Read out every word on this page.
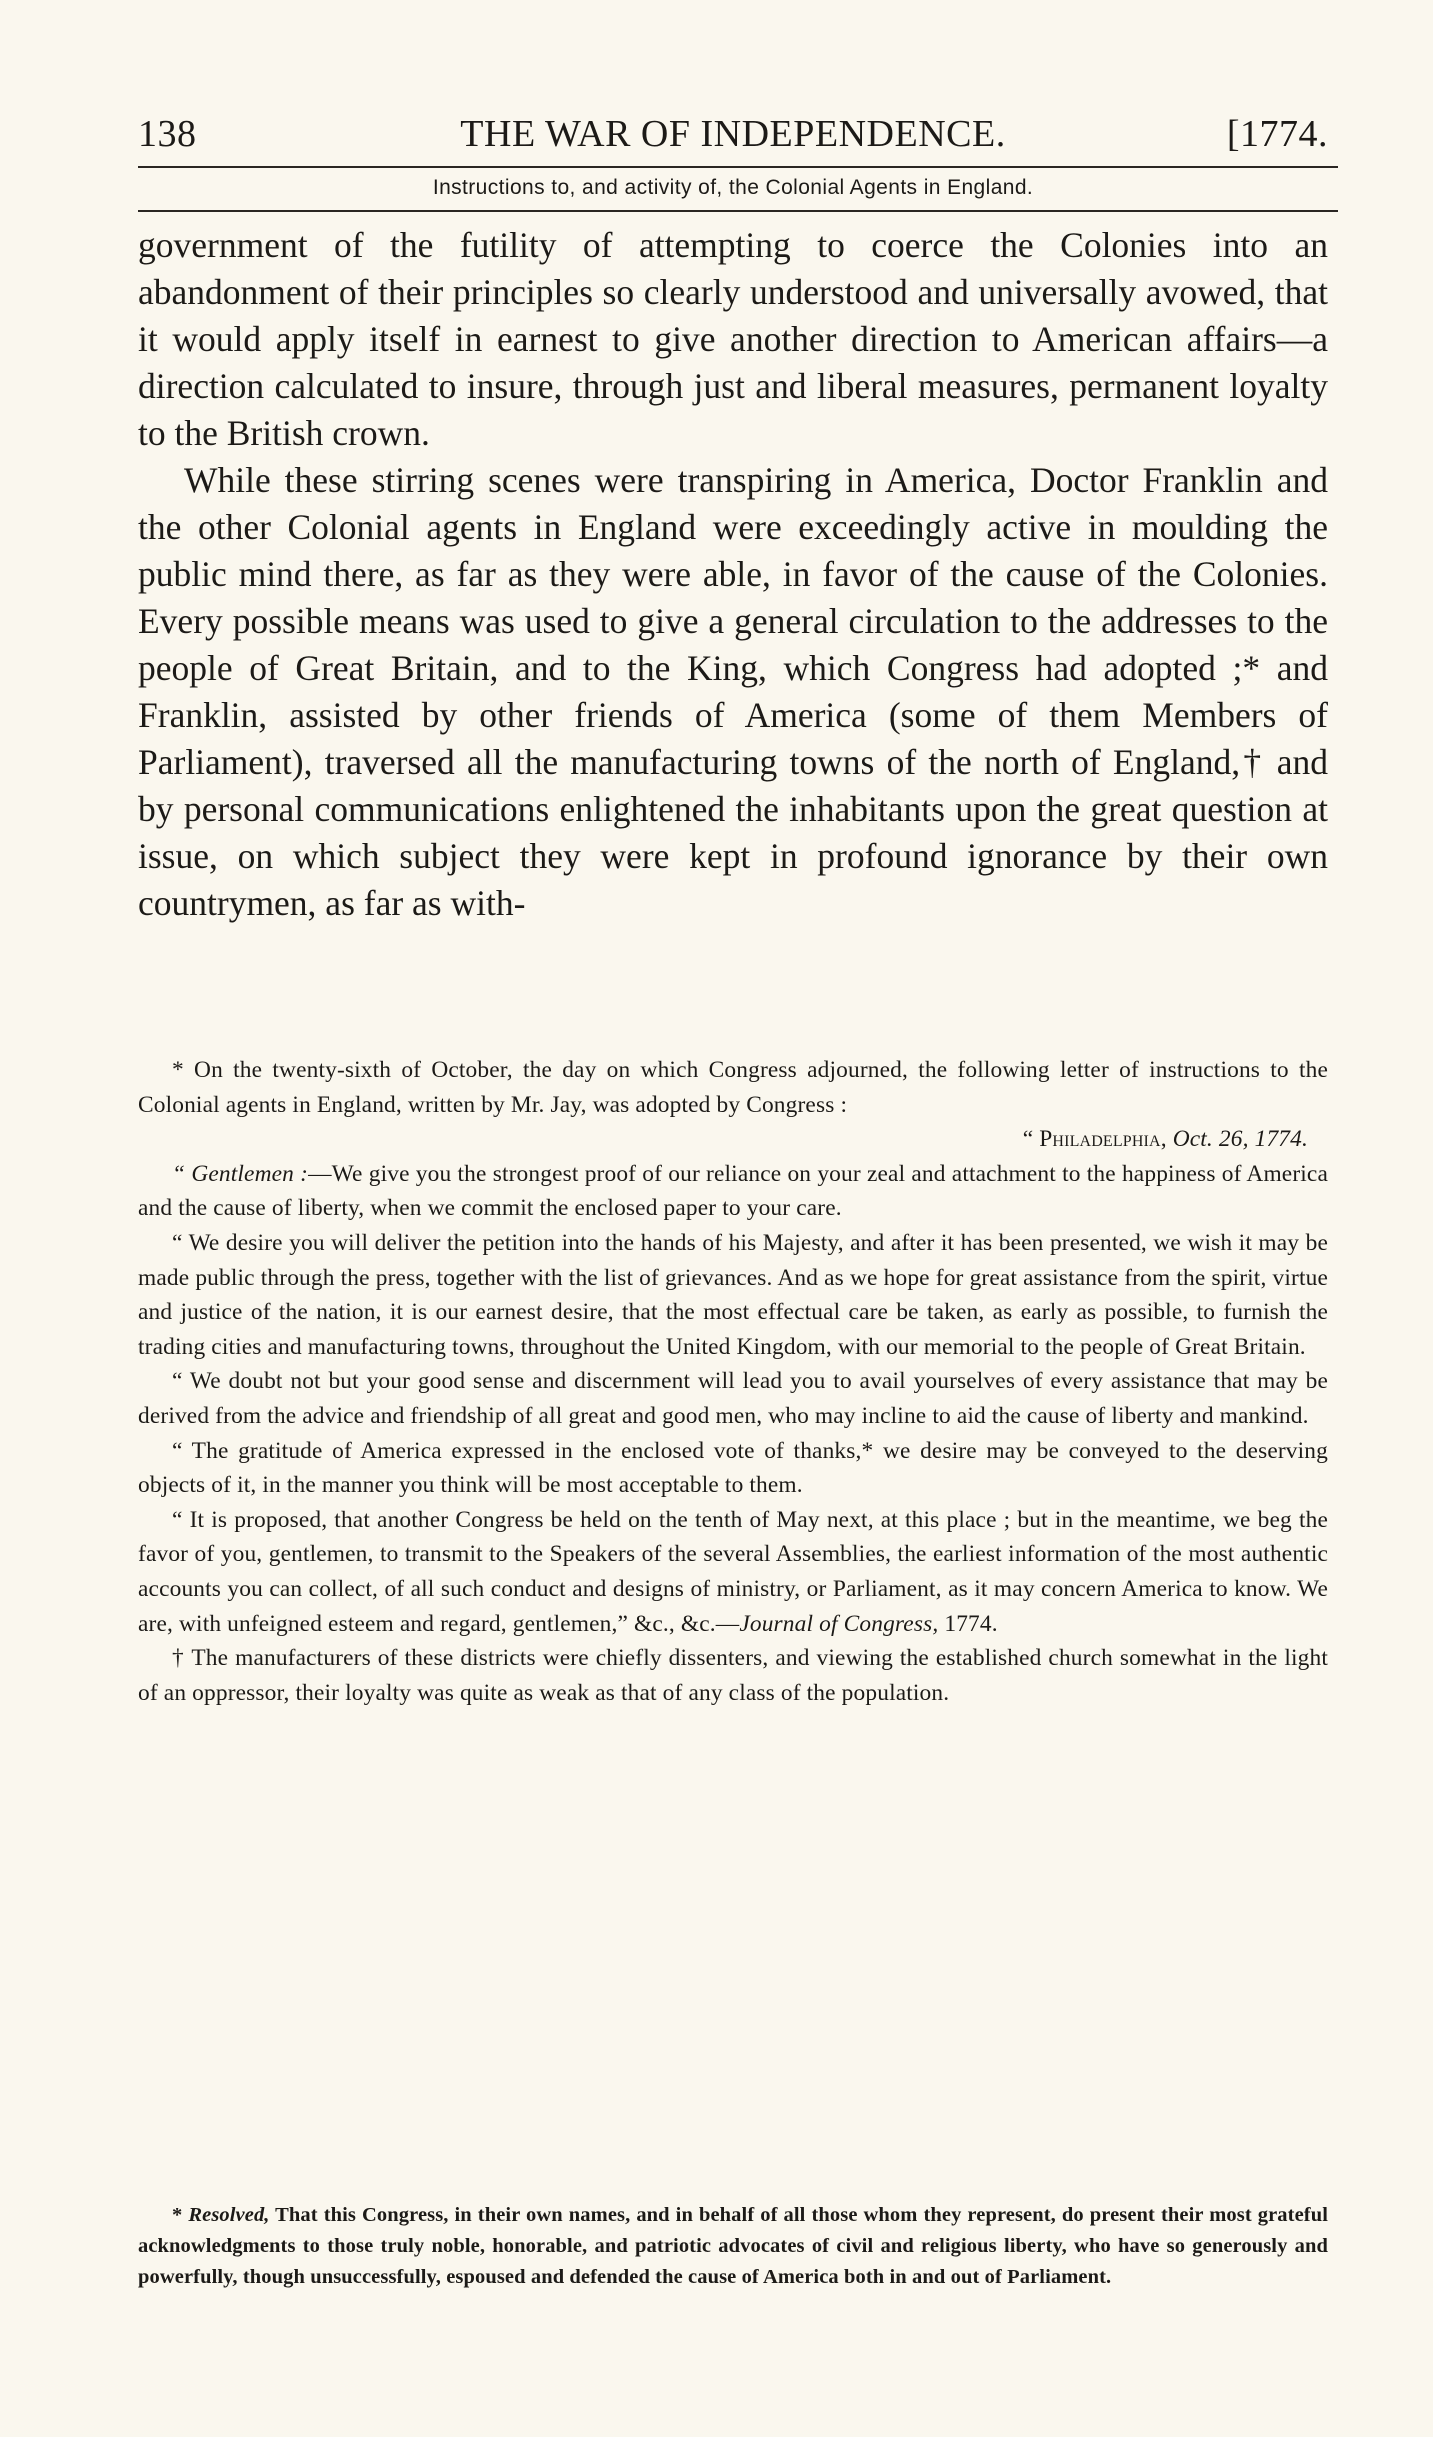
138	THE WAR OF INDEPENDENCE.	[1774.
Instructions to, and activity of, the Colonial Agents in England.

government of the futility of attempting to coerce the Colonies into an abandonment of their principles so clearly understood and universally avowed, that it would apply itself in earnest to give another direction to American affairs—a direction calculated to insure, through just and liberal measures, permanent loyalty to the British crown.

While these stirring scenes were transpiring in America, Doctor Franklin and the other Colonial agents in England were exceedingly active in moulding the public mind there, as far as they were able, in favor of the cause of the Colonies. Every possible means was used to give a general circulation to the addresses to the people of Great Britain, and to the King, which Congress had adopted ;* and Franklin, assisted by other friends of America (some of them Members of Parliament), traversed all the manufacturing towns of the north of England,† and by personal communications enlightened the inhabitants upon the great question at issue, on which subject they were kept in profound ignorance by their own countrymen, as far as with-

* On the twenty-sixth of October, the day on which Congress adjourned, the following letter of instructions to the Colonial agents in England, written by Mr. Jay, was adopted by Congress :

“ Philadelphia, Oct. 26, 1774.

“ Gentlemen :—We give you the strongest proof of our reliance on your zeal and attachment to the happiness of America and the cause of liberty, when we commit the enclosed paper to your care.

“ We desire you will deliver the petition into the hands of his Majesty, and after it has been presented, we wish it may be made public through the press, together with the list of grievances. And as we hope for great assistance from the spirit, virtue and justice of the nation, it is our earnest desire, that the most effectual care be taken, as early as possible, to furnish the trading cities and manufacturing towns, throughout the United Kingdom, with our memorial to the people of Great Britain.

“ We doubt not but your good sense and discernment will lead you to avail yourselves of every assistance that may be derived from the advice and friendship of all great and good men, who may incline to aid the cause of liberty and mankind.

“ The gratitude of America expressed in the enclosed vote of thanks,* we desire may be conveyed to the deserving objects of it, in the manner you think will be most acceptable to them.

“ It is proposed, that another Congress be held on the tenth of May next, at this place ; but in the meantime, we beg the favor of you, gentlemen, to transmit to the Speakers of the several Assemblies, the earliest information of the most authentic accounts you can collect, of all such conduct and designs of ministry, or Parliament, as it may concern America to know. We are, with unfeigned esteem and regard, gentlemen,” &c., &c.—Journal of Congress, 1774.

† The manufacturers of these districts were chiefly dissenters, and viewing the established church somewhat in the light of an oppressor, their loyalty was quite as weak as that of any class of the population.

* Resolved, That this Congress, in their own names, and in behalf of all those whom they represent, do present their most grateful acknowledgments to those truly noble, honorable, and patriotic advocates of civil and religious liberty, who have so generously and powerfully, though unsuccessfully, espoused and defended the cause of America both in and out of Parliament.
